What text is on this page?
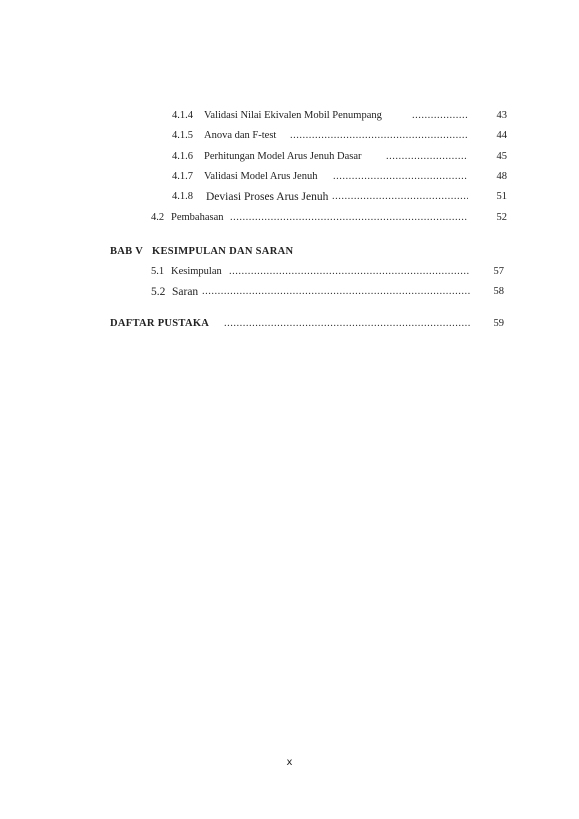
4.1.4 Validasi Nilai Ekivalen Mobil Penumpang .....	43
4.1.5 Anova dan F-test .....	44
4.1.6 Perhitungan Model Arus Jenuh Dasar .....	45
4.1.7 Validasi Model Arus Jenuh .....	48
4.1.8 Deviasi Proses Arus Jenuh .....	51
4.2 Pembahasan .....	52
BAB V KESIMPULAN DAN SARAN
5.1 Kesimpulan .....	57
5.2 Saran .....	58
DAFTAR PUSTAKA .....	59
x
